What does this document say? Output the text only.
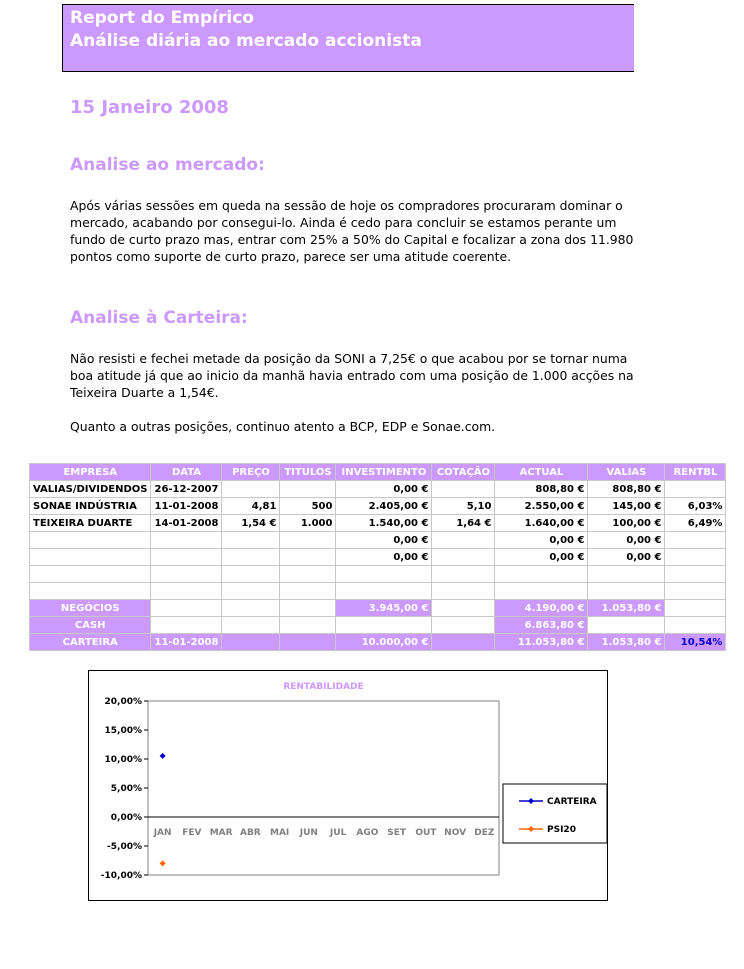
Report do Empírico
Análise diária ao mercado accionista
15 Janeiro 2008
Analise ao mercado:

Após várias sessões em queda na sessão de hoje os compradores procuraram dominar o mercado, acabando por consegui-lo. Ainda é cedo para concluir se estamos perante um fundo de curto prazo mas, entrar com 25% a 50% do Capital e focalizar a zona dos 11.980 pontos como suporte de curto prazo, parece ser uma atitude coerente.

Analise à Carteira:

Não resisti e fechei metade da posição da SONI a 7,25€ o que acabou por se tornar numa boa atitude já que ao inicio da manhã havia entrado com uma posição de 1.000 acções na Teixeira Duarte a 1,54€.

Quanto a outras posições, continuo atento a BCP, EDP e Sonae.com.

EMPRESA	DATA	PREÇO	TITULOS	INVESTIMENTO	COTAÇÃO	ACTUAL	VALIAS	RENTBL
VALIAS/DIVIDENDOS	26-12-2007			0,00 €		808,80 €	808,80 €	
SONAE INDÚSTRIA	11-01-2008	4,81	500	2.405,00 €	5,10	2.550,00 €	145,00 €	6,03%
TEIXEIRA DUARTE	14-01-2008	1,54 €	1.000	1.540,00 €	1,64 €	1.640,00 €	100,00 €	6,49%
				0,00 €		0,00 €	0,00 €	
				0,00 €		0,00 €	0,00 €	

NEGÓCIOS				3.945,00 €		4.190,00 €	1.053,80 €	
CASH						6.863,80 €		
CARTEIRA	11-01-2008			10.000,00 €		11.053,80 €	1.053,80 €	10,54%
RENTABILIDADE
20,00%
15,00%
10,00%
5,00%
0,00%
-5,00%
-10,00%
JAN FEV MAR ABR MAI JUN JUL AGO SET OUT NOV DEZ
CARTEIRA
PSI20
